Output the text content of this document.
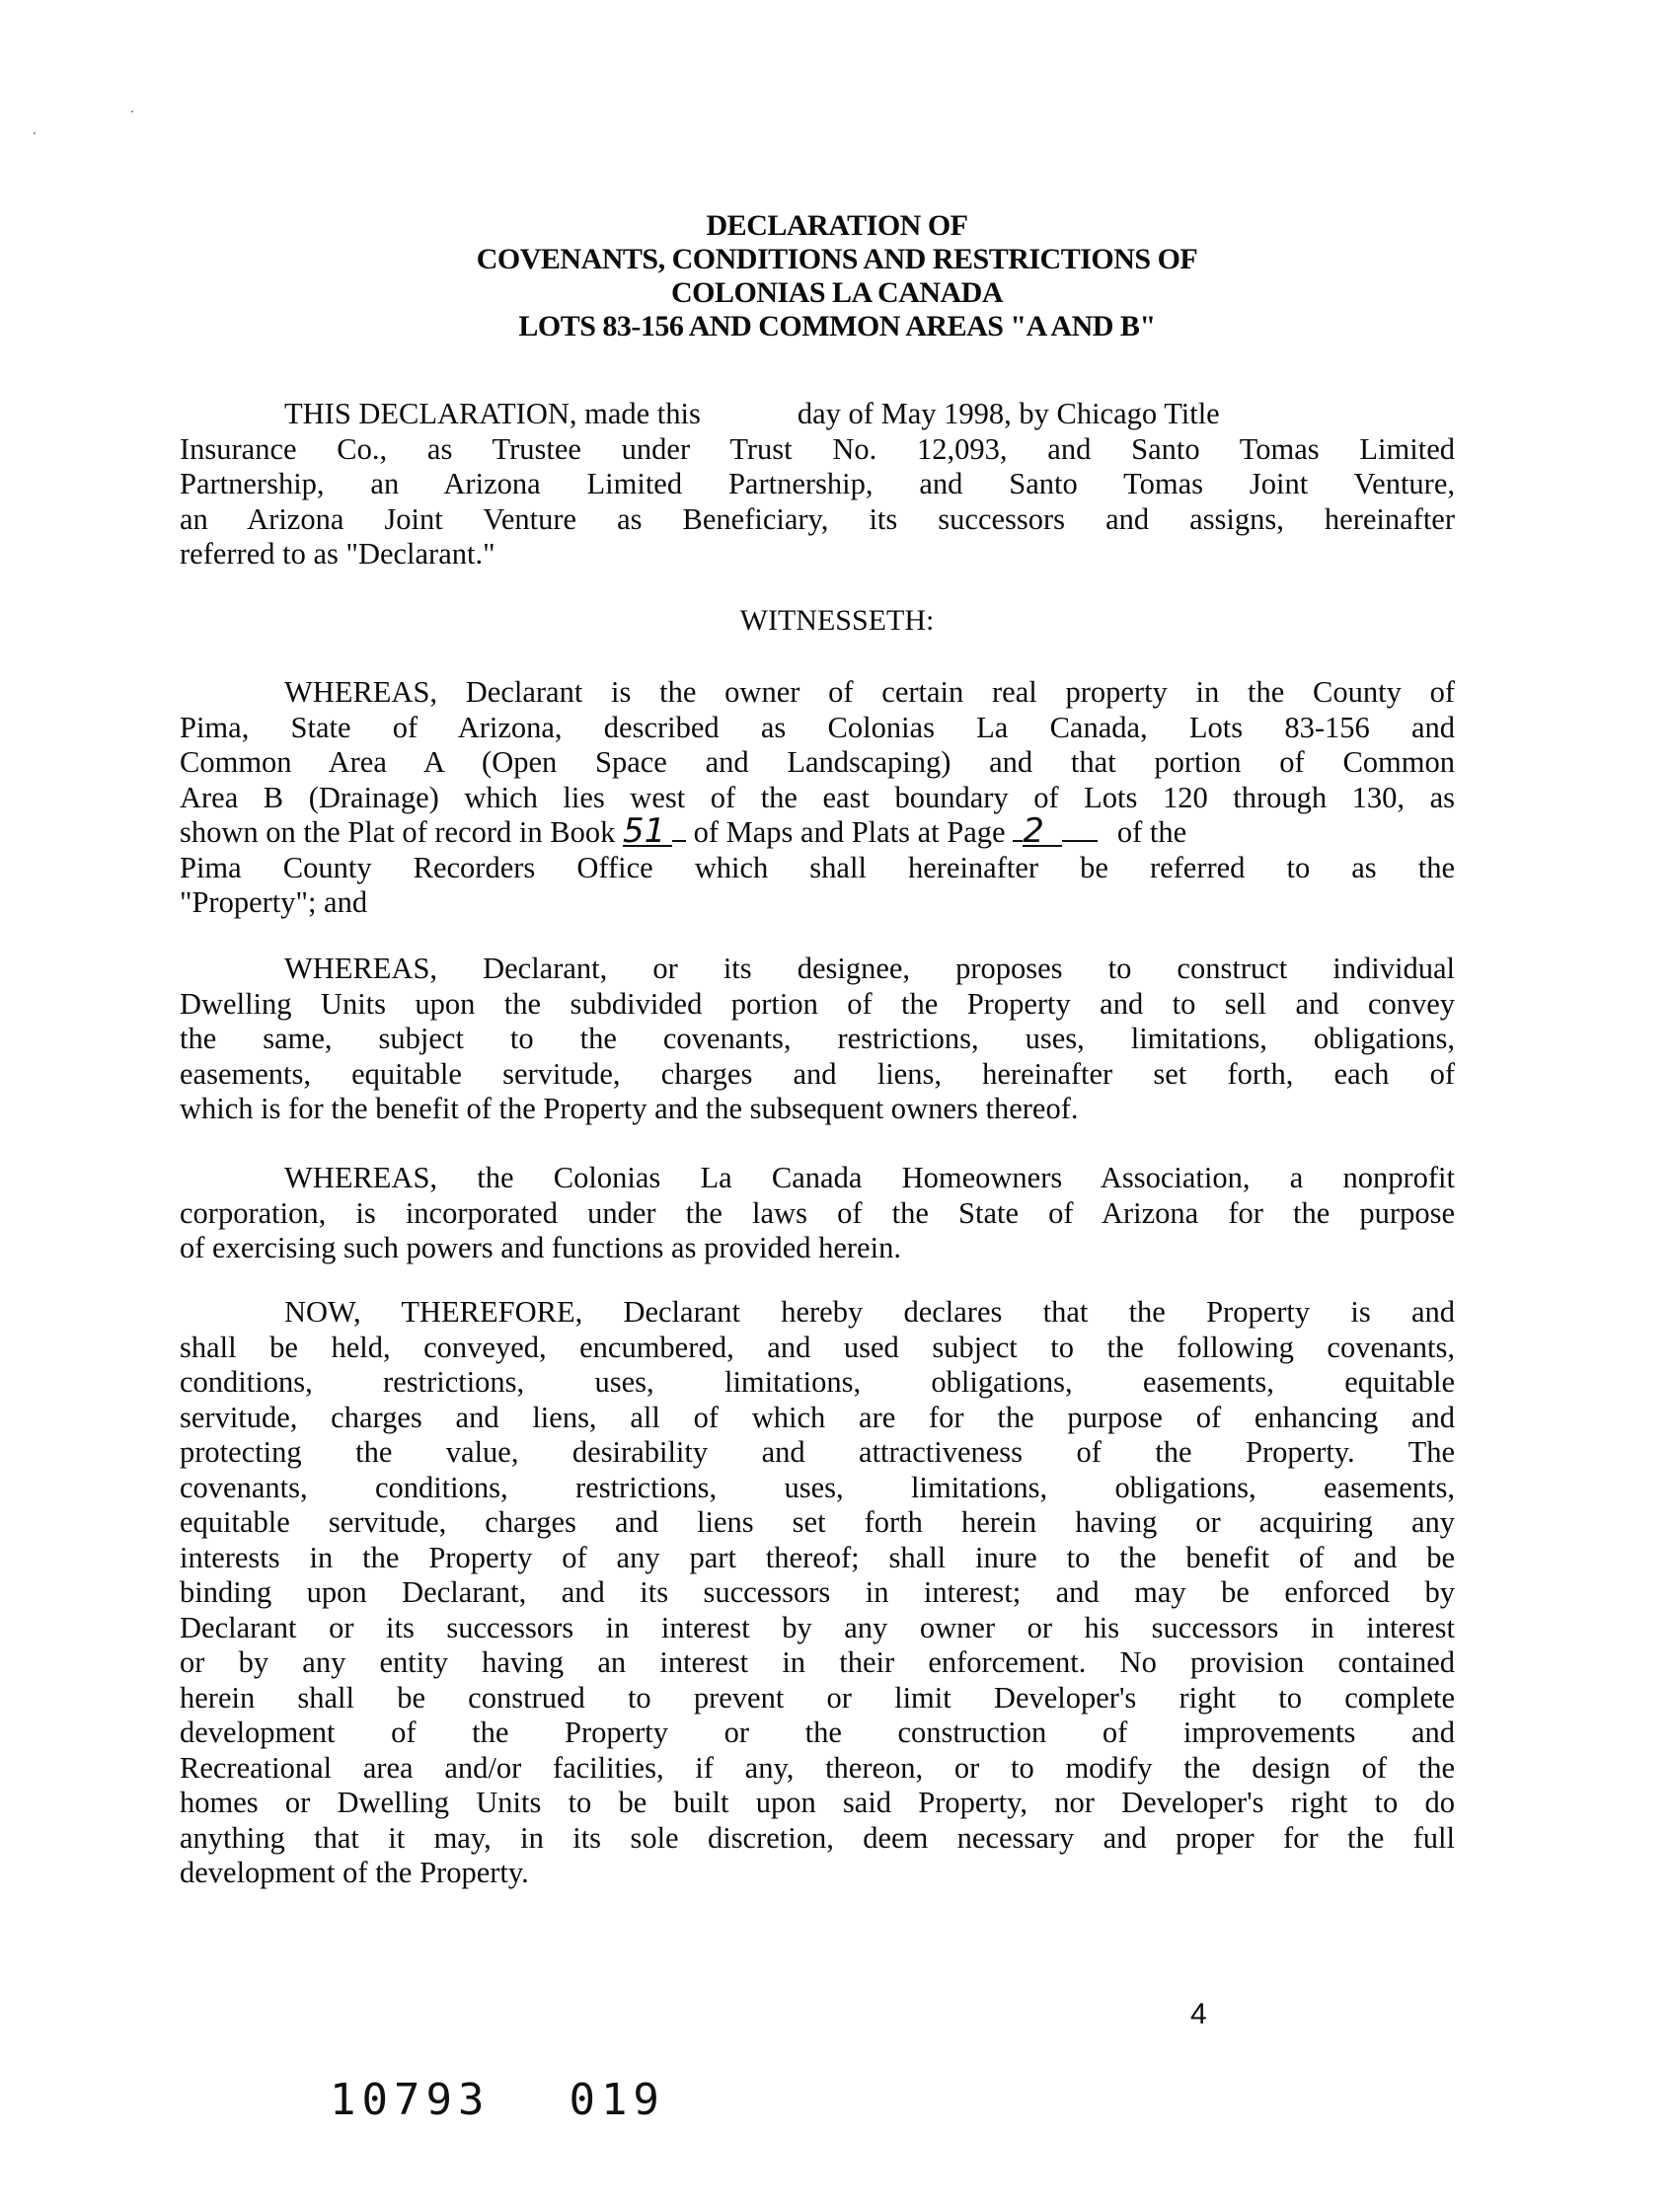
DECLARATION OF
COVENANTS, CONDITIONS AND RESTRICTIONS OF
COLONIAS LA CANADA
LOTS 83-156 AND COMMON AREAS "A AND B"
THIS DECLARATION, made this	day of May 1998, by Chicago Title
Insurance Co., as Trustee under Trust No. 12,093, and Santo Tomas Limited
Partnership, an Arizona Limited Partnership, and Santo Tomas Joint Venture,
an Arizona Joint Venture as Beneficiary, its successors and assigns, hereinafter
referred to as "Declarant."
WITNESSETH:
WHEREAS, Declarant is the owner of certain real property in the County of
Pima, State of Arizona, described as Colonias La Canada, Lots 83-156 and
Common Area A (Open Space and Landscaping) and that portion of Common
Area B (Drainage) which lies west of the east boundary of Lots 120 through 130, as
shown on the Plat of record in Book 51 of Maps and Plats at Page 2 of the
Pima County Recorders Office which shall hereinafter be referred to as the
"Property"; and
WHEREAS, Declarant, or its designee, proposes to construct individual
Dwelling Units upon the subdivided portion of the Property and to sell and convey
the same, subject to the covenants, restrictions, uses, limitations, obligations,
easements, equitable servitude, charges and liens, hereinafter set forth, each of
which is for the benefit of the Property and the subsequent owners thereof.
WHEREAS, the Colonias La Canada Homeowners Association, a nonprofit
corporation, is incorporated under the laws of the State of Arizona for the purpose
of exercising such powers and functions as provided herein.
NOW, THEREFORE, Declarant hereby declares that the Property is and
shall be held, conveyed, encumbered, and used subject to the following covenants,
conditions, restrictions, uses, limitations, obligations, easements, equitable
servitude, charges and liens, all of which are for the purpose of enhancing and
protecting the value, desirability and attractiveness of the Property. The
covenants, conditions, restrictions, uses, limitations, obligations, easements,
equitable servitude, charges and liens set forth herein having or acquiring any
interests in the Property of any part thereof; shall inure to the benefit of and be
binding upon Declarant, and its successors in interest; and may be enforced by
Declarant or its successors in interest by any owner or his successors in interest
or by any entity having an interest in their enforcement. No provision contained
herein shall be construed to prevent or limit Developer's right to complete
development of the Property or the construction of improvements and
Recreational area and/or facilities, if any, thereon, or to modify the design of the
homes or Dwelling Units to be built upon said Property, nor Developer's right to do
anything that it may, in its sole discretion, deem necessary and proper for the full
development of the Property.
4
10793 019
